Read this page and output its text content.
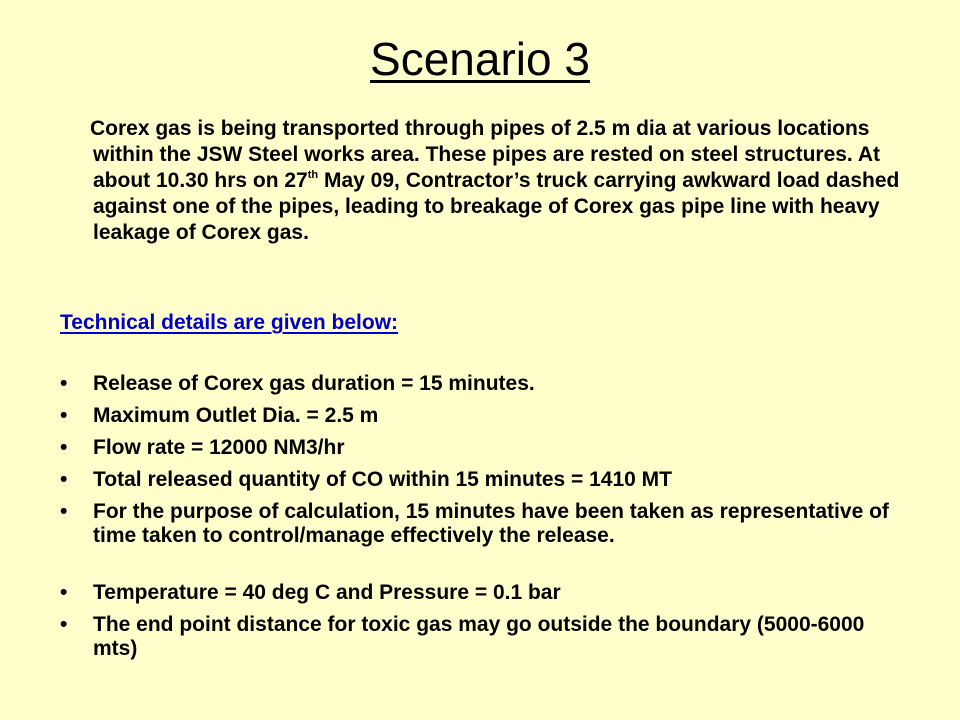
Scenario 3
Corex gas is being transported through pipes of 2.5 m dia at various locations within the JSW Steel works area. These pipes are rested on steel structures. At about 10.30 hrs on 27th May 09, Contractor’s truck carrying awkward load dashed against one of the pipes, leading to breakage of Corex gas pipe line with heavy leakage of Corex gas.
Technical details are given below:
•	Release of Corex gas duration = 15 minutes.
•	Maximum Outlet Dia. = 2.5 m
•	Flow rate = 12000 NM3/hr
•	Total released quantity of CO within 15 minutes = 1410 MT
•	For the purpose of calculation, 15 minutes have been taken as representative of time taken to control/manage effectively the release.
•	Temperature = 40 deg C and Pressure = 0.1 bar
•	The end point distance for toxic gas may go outside the boundary (5000-6000 mts)
